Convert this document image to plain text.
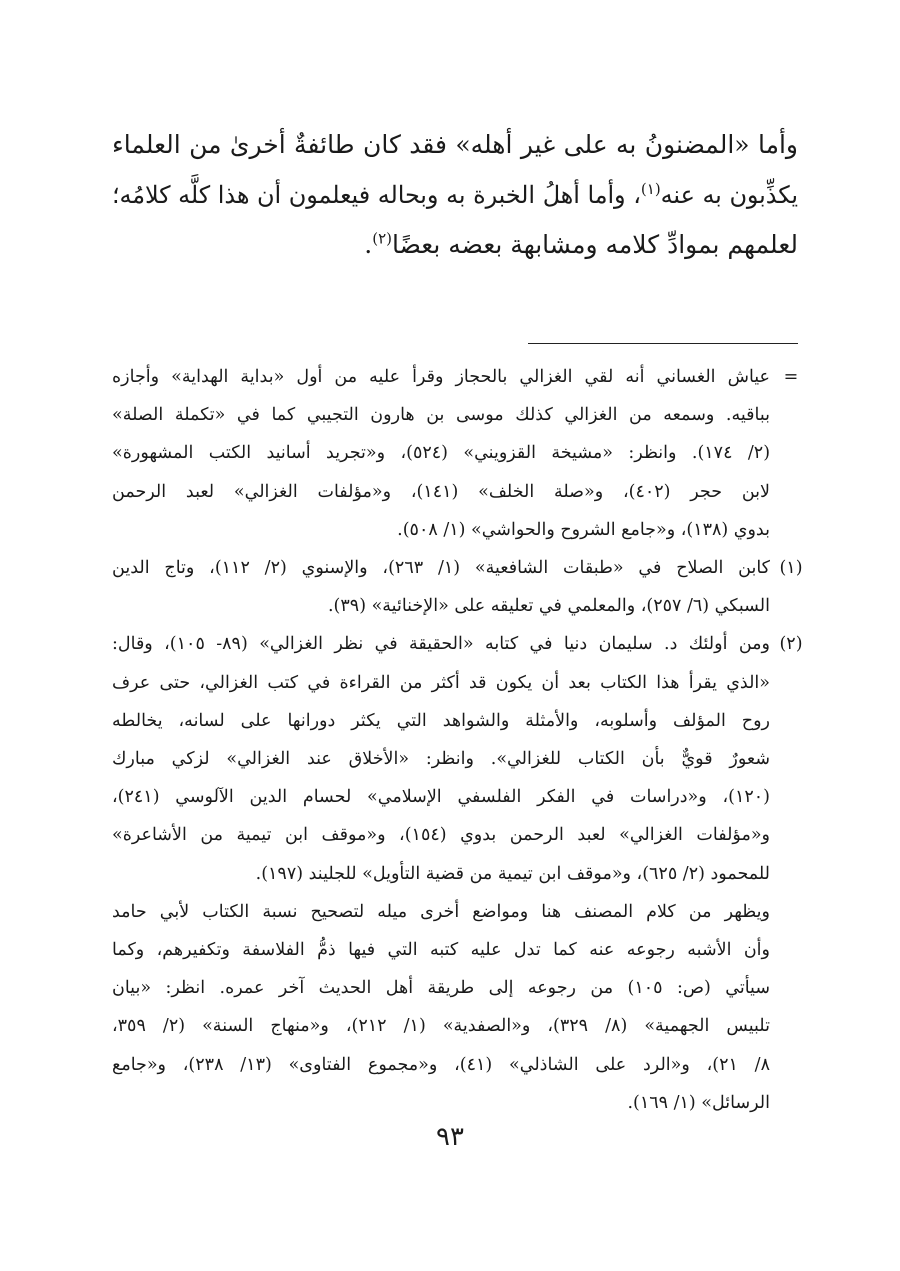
وأما «المضنونُ به على غير أهله» فقد كان طائفةٌ أخرىٰ من العلماء
يكذِّبون به عنه$^{(١)}$، وأما أهلُ الخبرة به وبحاله فيعلمون أن هذا كلَّه كلامُه؛
لعلمهم بموادِّ كلامه ومشابهة بعضه بعضًا$^{(٢)}$.
=
عياش الغساني أنه لقي الغزالي بالحجاز وقرأ عليه من أول «بداية الهداية» وأجازه
بباقيه. وسمعه من الغزالي كذلك موسى بن هارون التجيبي كما في «تكملة الصلة»
(٢/ ١٧٤). وانظر: «مشيخة القزويني» (٥٢٤)، و«تجريد أسانيد الكتب المشهورة»
لابن حجر (٤٠٢)، و«صلة الخلف» (١٤١)، و«مؤلفات الغزالي» لعبد الرحمن
بدوي (١٣٨)، و«جامع الشروح والحواشي» (١/ ٥٠٨).
(١)
كابن الصلاح في «طبقات الشافعية» (١/ ٢٦٣)، والإسنوي (٢/ ١١٢)، وتاج الدين
السبكي (٦/ ٢٥٧)، والمعلمي في تعليقه على «الإخنائية» (٣٩).
(٢)
ومن أولئك د. سليمان دنيا في كتابه «الحقيقة في نظر الغزالي» (٨٩- ١٠٥)، وقال:
«الذي يقرأ هذا الكتاب بعد أن يكون قد أكثر من القراءة في كتب الغزالي، حتى عرف
روح المؤلف وأسلوبه، والأمثلة والشواهد التي يكثر دورانها على لسانه، يخالطه
شعورٌ قويٌّ بأن الكتاب للغزالي». وانظر: «الأخلاق عند الغزالي» لزكي مبارك
(١٢٠)، و«دراسات في الفكر الفلسفي الإسلامي» لحسام الدين الآلوسي (٢٤١)،
و«مؤلفات الغزالي» لعبد الرحمن بدوي (١٥٤)، و«موقف ابن تيمية من الأشاعرة»
للمحمود (٢/ ٦٢٥)، و«موقف ابن تيمية من قضية التأويل» للجليند (١٩٧).
ويظهر من كلام المصنف هنا ومواضع أخرى ميله لتصحيح نسبة الكتاب لأبي حامد
وأن الأشبه رجوعه عنه كما تدل عليه كتبه التي فيها ذمُّ الفلاسفة وتكفيرهم، وكما
سيأتي (ص: ١٠٥) من رجوعه إلى طريقة أهل الحديث آخر عمره. انظر: «بيان
تلبيس الجهمية» (٨/ ٣٢٩)، و«الصفدية» (١/ ٢١٢)، و«منهاج السنة» (٢/ ٣٥٩،
٨/ ٢١)، و«الرد على الشاذلي» (٤١)، و«مجموع الفتاوى» (١٣/ ٢٣٨)، و«جامع
الرسائل» (١/ ١٦٩).
٩٣
